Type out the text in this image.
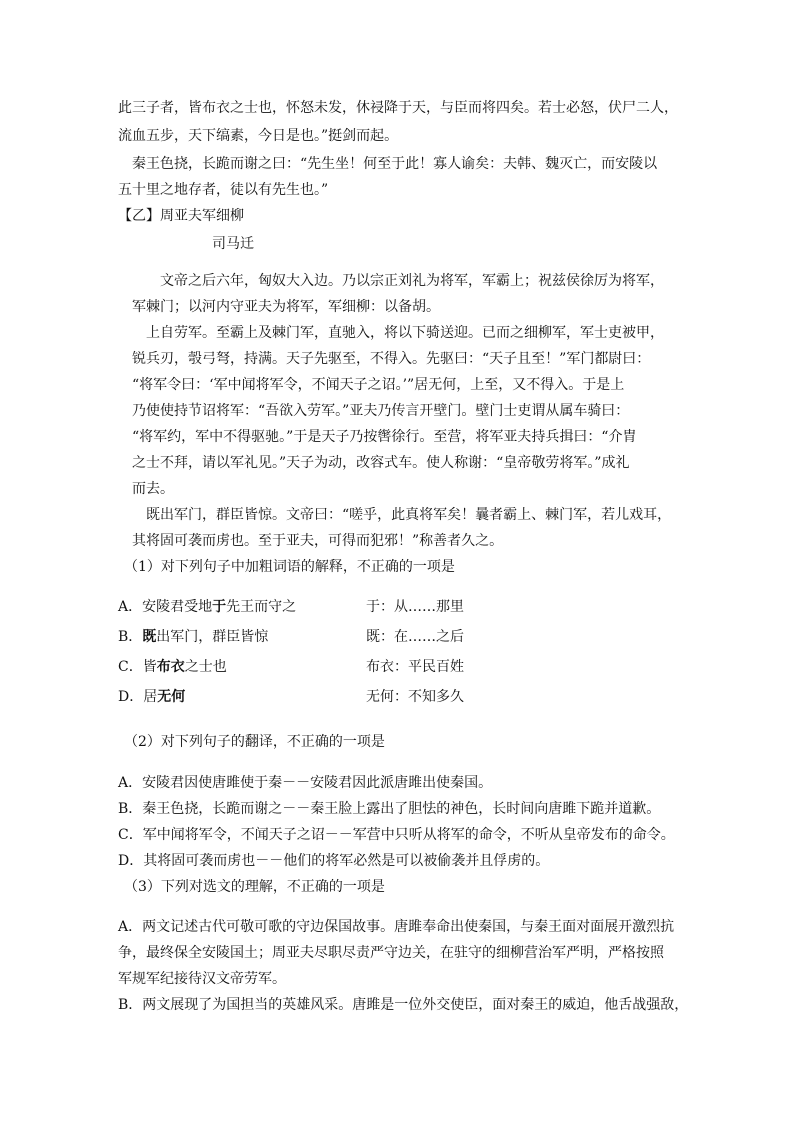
此三子者，皆布衣之士也，怀怒未发，休祲降于天，与臣而将四矣。若士必怒，伏尸二人，
流血五步，天下缟素，今日是也。”挺剑而起。
秦王色挠，长跪而谢之曰：“先生坐！何至于此！寡人谕矣：夫韩、魏灭亡，而安陵以
五十里之地存者，徒以有先生也。”
【乙】周亚夫军细柳
司马迁
文帝之后六年，匈奴大入边。乃以宗正刘礼为将军，军霸上；祝兹侯徐厉为将军，
军棘门；以河内守亚夫为将军，军细柳：以备胡。
上自劳军。至霸上及棘门军，直驰入，将以下骑送迎。已而之细柳军，军士吏被甲，
锐兵刃，彀弓弩，持满。天子先驱至，不得入。先驱曰：“天子且至！”军门都尉曰：
“将军令曰：‘军中闻将军令，不闻天子之诏。’”居无何，上至，又不得入。于是上
乃使使持节诏将军：“吾欲入劳军。”亚夫乃传言开壁门。壁门士吏谓从属车骑曰：
“将军约，军中不得驱驰。”于是天子乃按辔徐行。至营，将军亚夫持兵揖曰：“介胄
之士不拜，请以军礼见。”天子为动，改容式车。使人称谢：“皇帝敬劳将军。”成礼
而去。
既出军门，群臣皆惊。文帝曰：“嗟乎，此真将军矣！曩者霸上、棘门军，若儿戏耳，
其将固可袭而虏也。至于亚夫，可得而犯邪！”称善者久之。
（1）对下列句子中加粗词语的解释，不正确的一项是
A．安陵君受地于先王而守之	于：从……那里
B．既出军门，群臣皆惊	既：在……之后
C．皆布衣之士也	布衣：平民百姓
D．居无何	无何：不知多久
（2）对下列句子的翻译，不正确的一项是
A．安陵君因使唐雎使于秦－－安陵君因此派唐雎出使秦国。
B．秦王色挠，长跪而谢之－－秦王脸上露出了胆怯的神色，长时间向唐雎下跪并道歉。
C．军中闻将军令，不闻天子之诏－－军营中只听从将军的命令，不听从皇帝发布的命令。
D．其将固可袭而虏也－－他们的将军必然是可以被偷袭并且俘虏的。
（3）下列对选文的理解，不正确的一项是
A．两文记述古代可敬可歌的守边保国故事。唐雎奉命出使秦国，与秦王面对面展开激烈抗
争，最终保全安陵国土；周亚夫尽职尽责严守边关，在驻守的细柳营治军严明，严格按照
军规军纪接待汉文帝劳军。
B．两文展现了为国担当的英雄风采。唐雎是一位外交使臣，面对秦王的威迫，他舌战强敌，
